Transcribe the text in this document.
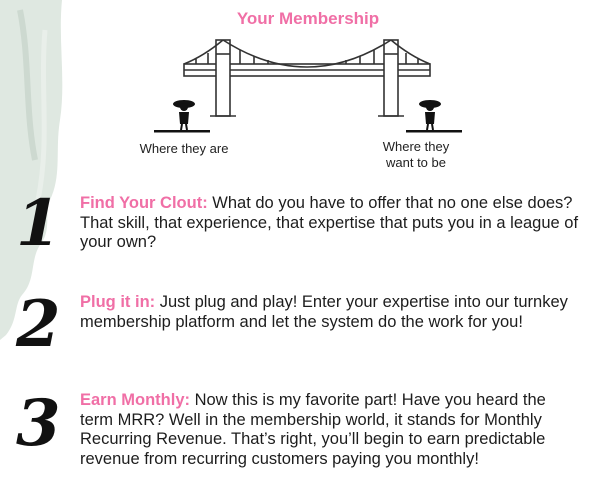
Your Membership
Where they are	Where they want to be
1 Find Your Clout: What do you have to offer that no one else does? That skill, that experience, that expertise that puts you in a league of your own?
2 Plug it in: Just plug and play! Enter your expertise into our turnkey membership platform and let the system do the work for you!
3 Earn Monthly: Now this is my favorite part! Have you heard the term MRR? Well in the membership world, it stands for Monthly Recurring Revenue. That’s right, you’ll begin to earn predictable revenue from recurring customers paying you monthly!
